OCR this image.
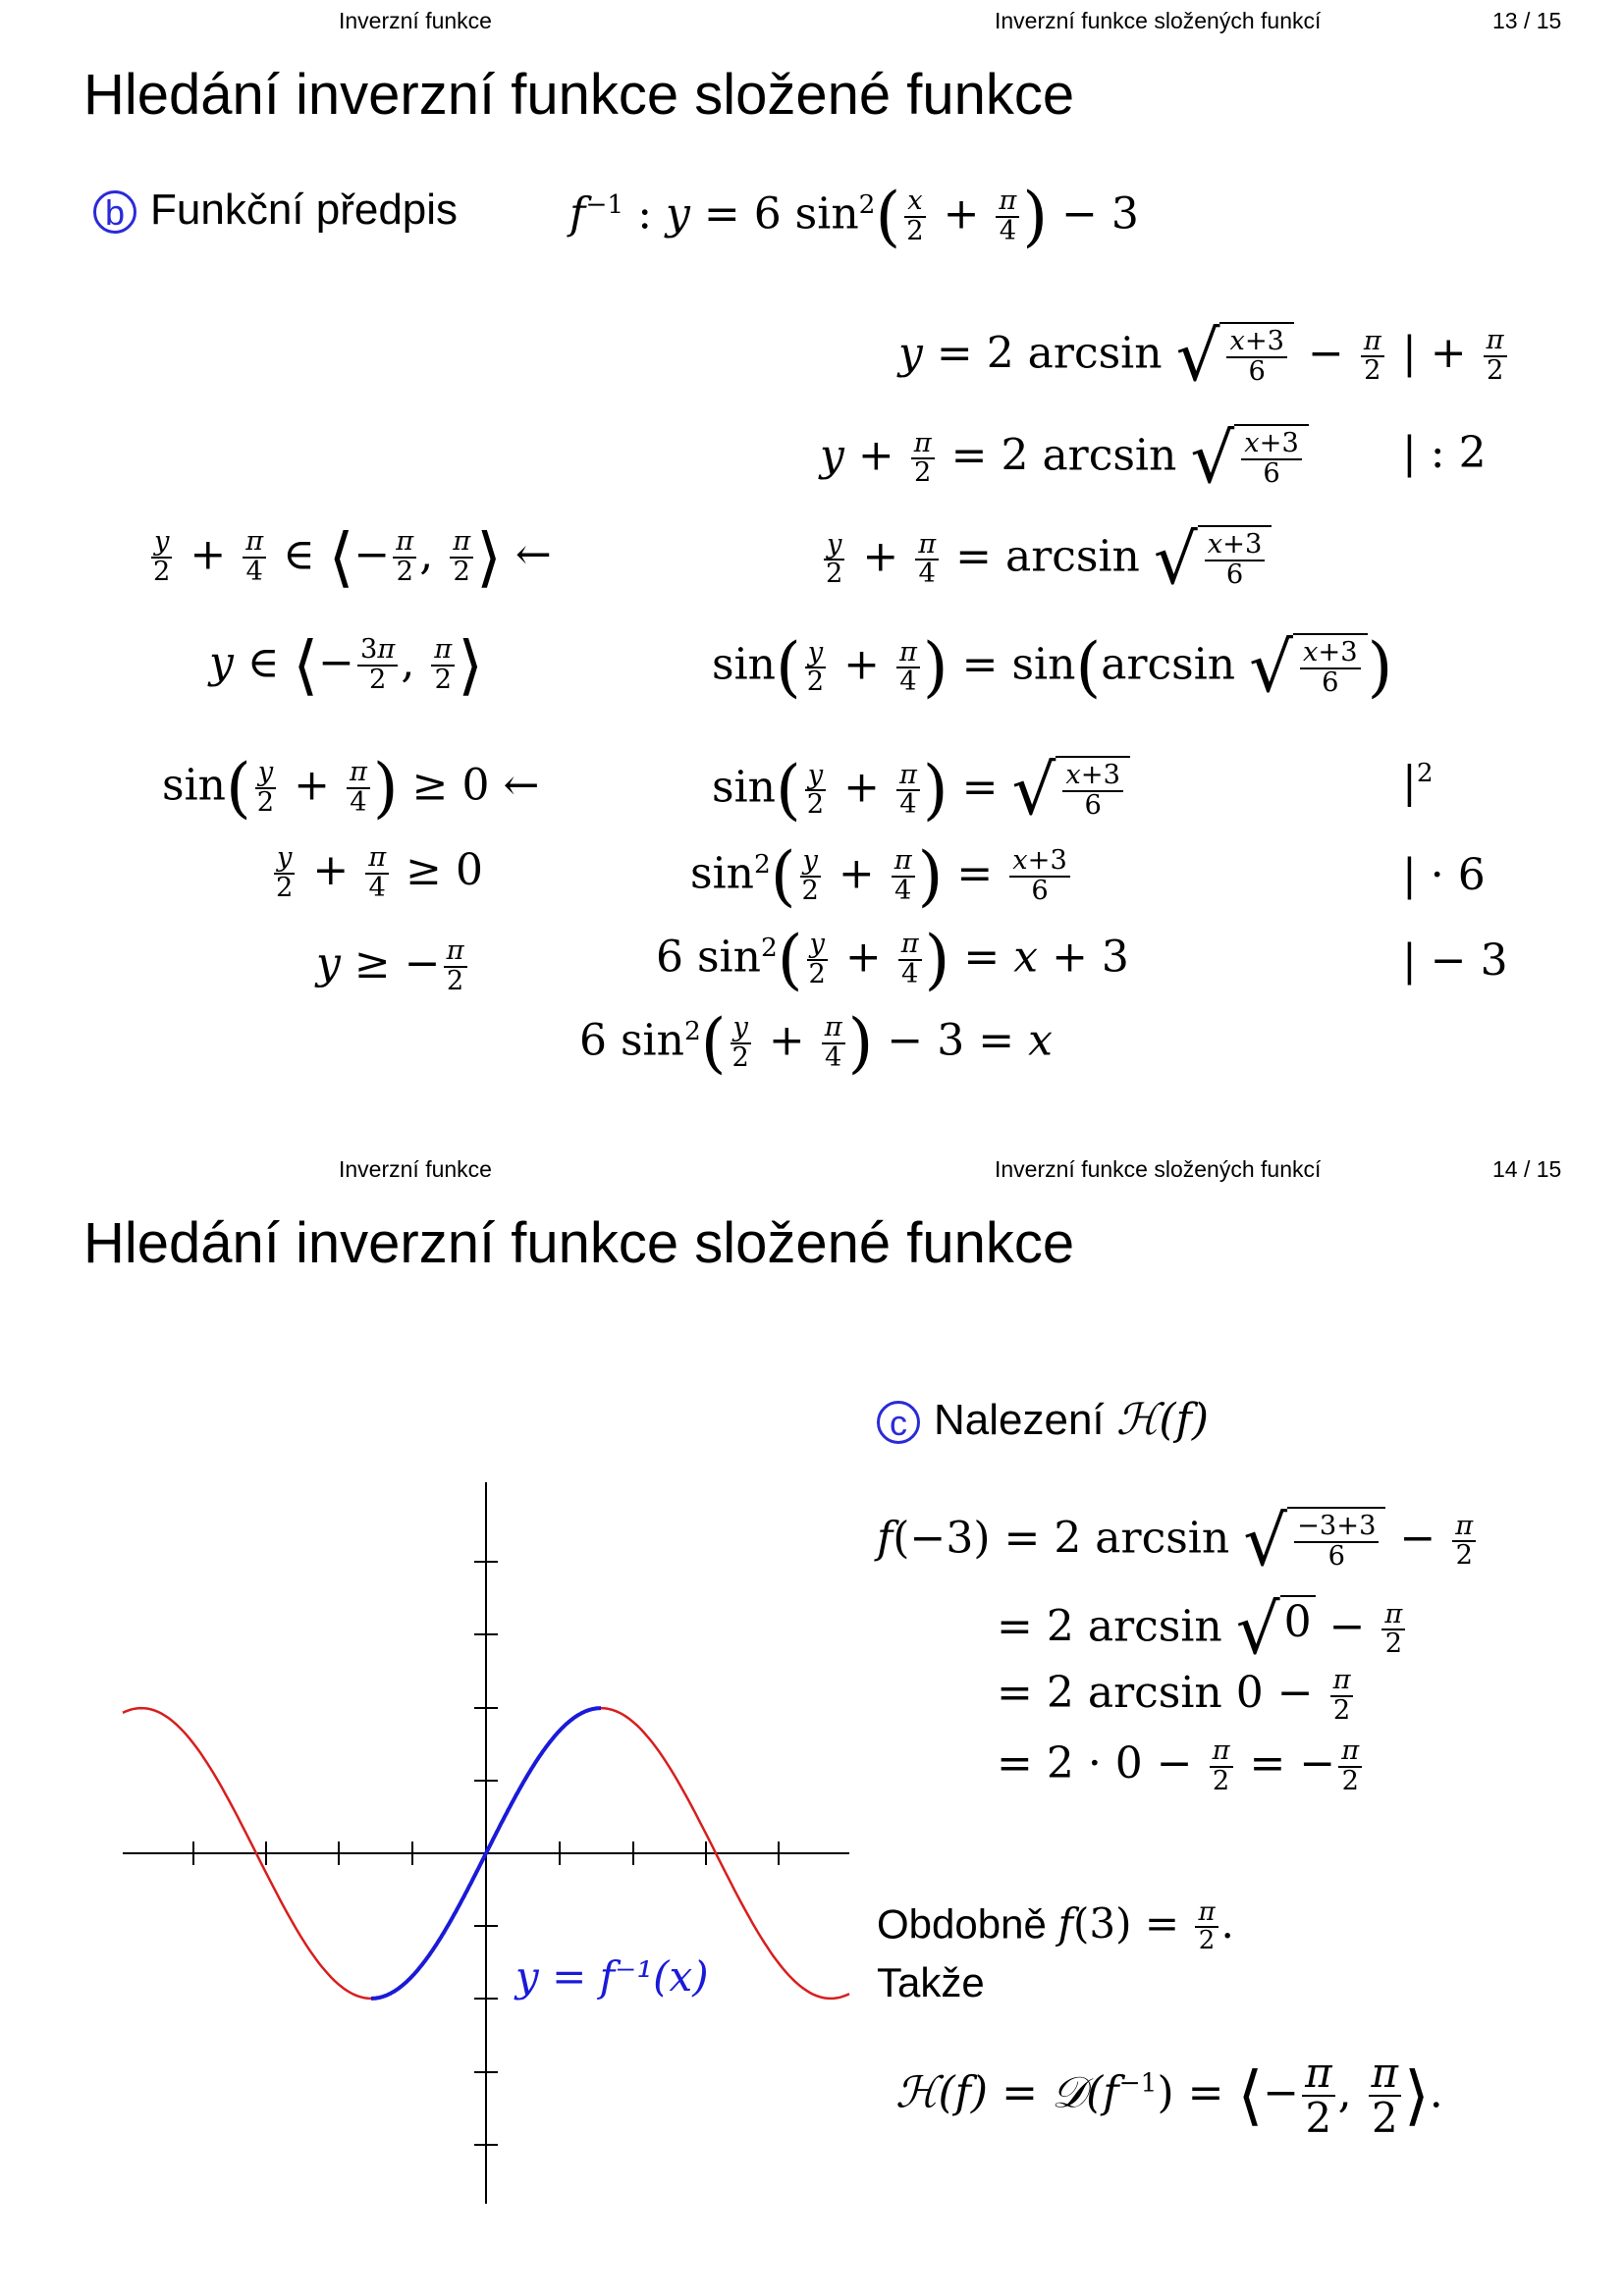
Inverzní funkce	Inverzní funkce složených funkcí	13 / 15
Hledání inverzní funkce složené funkce
b Funkční předpis	$f^{-1}$ : y = 6 $\sin^2( \frac{x}{2} + \frac{\pi}{4}$ ) − 3
y = 2 arcsin √ $\frac{x+3}{6} - \frac{\pi}{2}$ | + $\frac{\pi}{2}$
$y + \frac{\pi}{2} = 2$ arcsin √ $\frac{x+3}{6}$ | : 2
$\frac{y}{2} + \frac{\pi}{4} = \arcsin$ √ $\frac{x+3}{6}$
$\sin( \frac{y}{2} + \frac{\pi}{4}$ ) = sin(arcsin √ $\frac{x+3}{6}$ )
$\sin( \frac{y}{2} + \frac{\pi}{4}$ ) = √ $\frac{x+3}{6}$	$|^2$
$\sin^2( \frac{y}{2} + \frac{\pi}{4}$ ) = $\frac{x+3}{6}$	| · 6
6 $\sin^2( \frac{y}{2} + \frac{\pi}{4}$ ) = x + 3	| − 3
6 $\sin^2( \frac{y}{2} + \frac{\pi}{4}$ ) − 3 = x
$\frac{y}{2} + \frac{\pi}{4}$ ∈ ⟨− $\frac{\pi}{2}$ , $\frac{\pi}{2}$ ⟩ ←
y ∈ ⟨− $\frac{3\pi}{2}$ , $\frac{\pi}{2}$ ⟩
$\sin( \frac{y}{2} + \frac{\pi}{4}$ ) ≥ 0 ←
$\frac{y}{2} + \frac{\pi}{4} \ge 0$
y ≥ − $\frac{\pi}{2}$
Inverzní funkce	Inverzní funkce složených funkcí	14 / 15
Hledání inverzní funkce složené funkce
c Nalezení ℋ(f)
y = f⁻¹(x)
f(−3) = 2 arcsin √ $\frac{-3+3}{6} - \frac{\pi}{2}$
= 2 arcsin √ $0 - \frac{\pi}{2}$
= 2 $\arcsin 0 - \frac{\pi}{2}$
= $2 \cdot 0 - \frac{\pi}{2}$ = − $\frac{\pi}{2}$
Obdobně $f(3) = \frac{\pi}{2}$ .
Takže
ℋ(f) = $𝒟(f^{-1})$ = ⟨− $\frac{\pi}{2}$ , $\frac{\pi}{2}$ ⟩.
